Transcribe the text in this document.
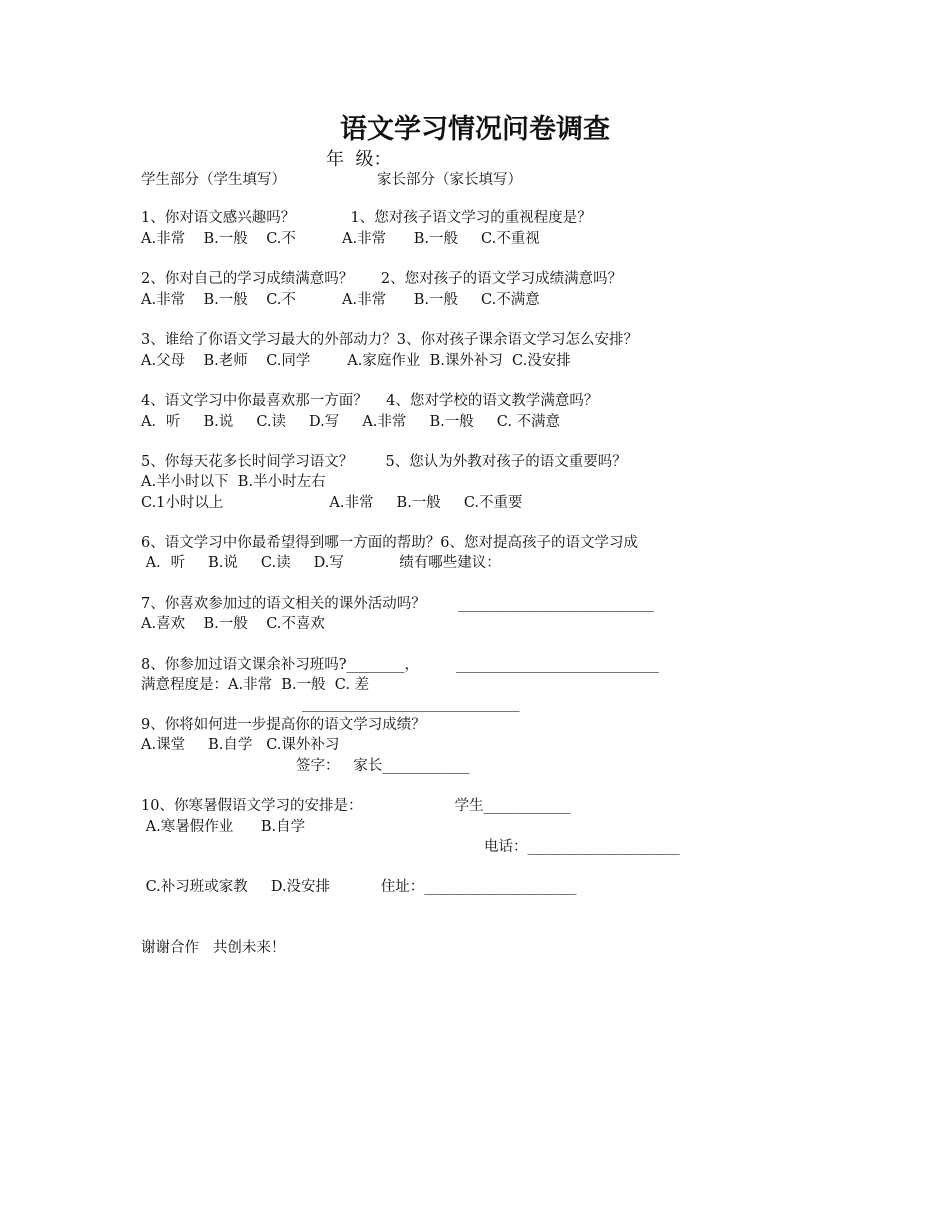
语文学习情况问卷调查
年  级：
学生部分（学生填写）	家长部分（家长填写）
1、你对语文感兴趣吗？            1、您对孩子语文学习的重视程度是？
A.非常    B.一般    C.不          A.非常      B.一般     C.不重视
2、你对自己的学习成绩满意吗？      2、您对孩子的语文学习成绩满意吗？
A.非常    B.一般    C.不          A.非常      B.一般     C.不满意
3、谁给了你语文学习最大的外部动力？3、你对孩子课余语文学习怎么安排？
A.父母    B.老师    C.同学        A.家庭作业  B.课外补习  C.没安排
4、语文学习中你最喜欢那一方面？    4、您对学校的语文教学满意吗？
A．听     B.说     C.读     D.写     A.非常     B.一般     C. 不满意
5、你每天花多长时间学习语文？       5、您认为外教对孩子的语文重要吗？
A.半小时以下  B.半小时左右
C.1小时以上                       A.非常     B.一般     C.不重要
6、语文学习中你最希望得到哪一方面的帮助？6、您对提高孩子的语文学习成
A．听     B.说     C.读     D.写            绩有哪些建议：
7、你喜欢参加过的语文相关的课外活动吗？       ___________________________
A.喜欢    B.一般    C.不喜欢
8、你参加过语文课余补习班吗?________，        ____________________________
满意程度是：A.非常  B.一般  C. 差
______________________________
9、你将如何进一步提高你的语文学习成绩？
A.课堂     B.自学   C.课外补习
签字：   家长____________
10、你寒暑假语文学习的安排是：                    学生____________
A.寒暑假作业      B.自学
电话：_____________________
C.补习班或家教     D.没安排           住址：_____________________
谢谢合作   共创未来！
